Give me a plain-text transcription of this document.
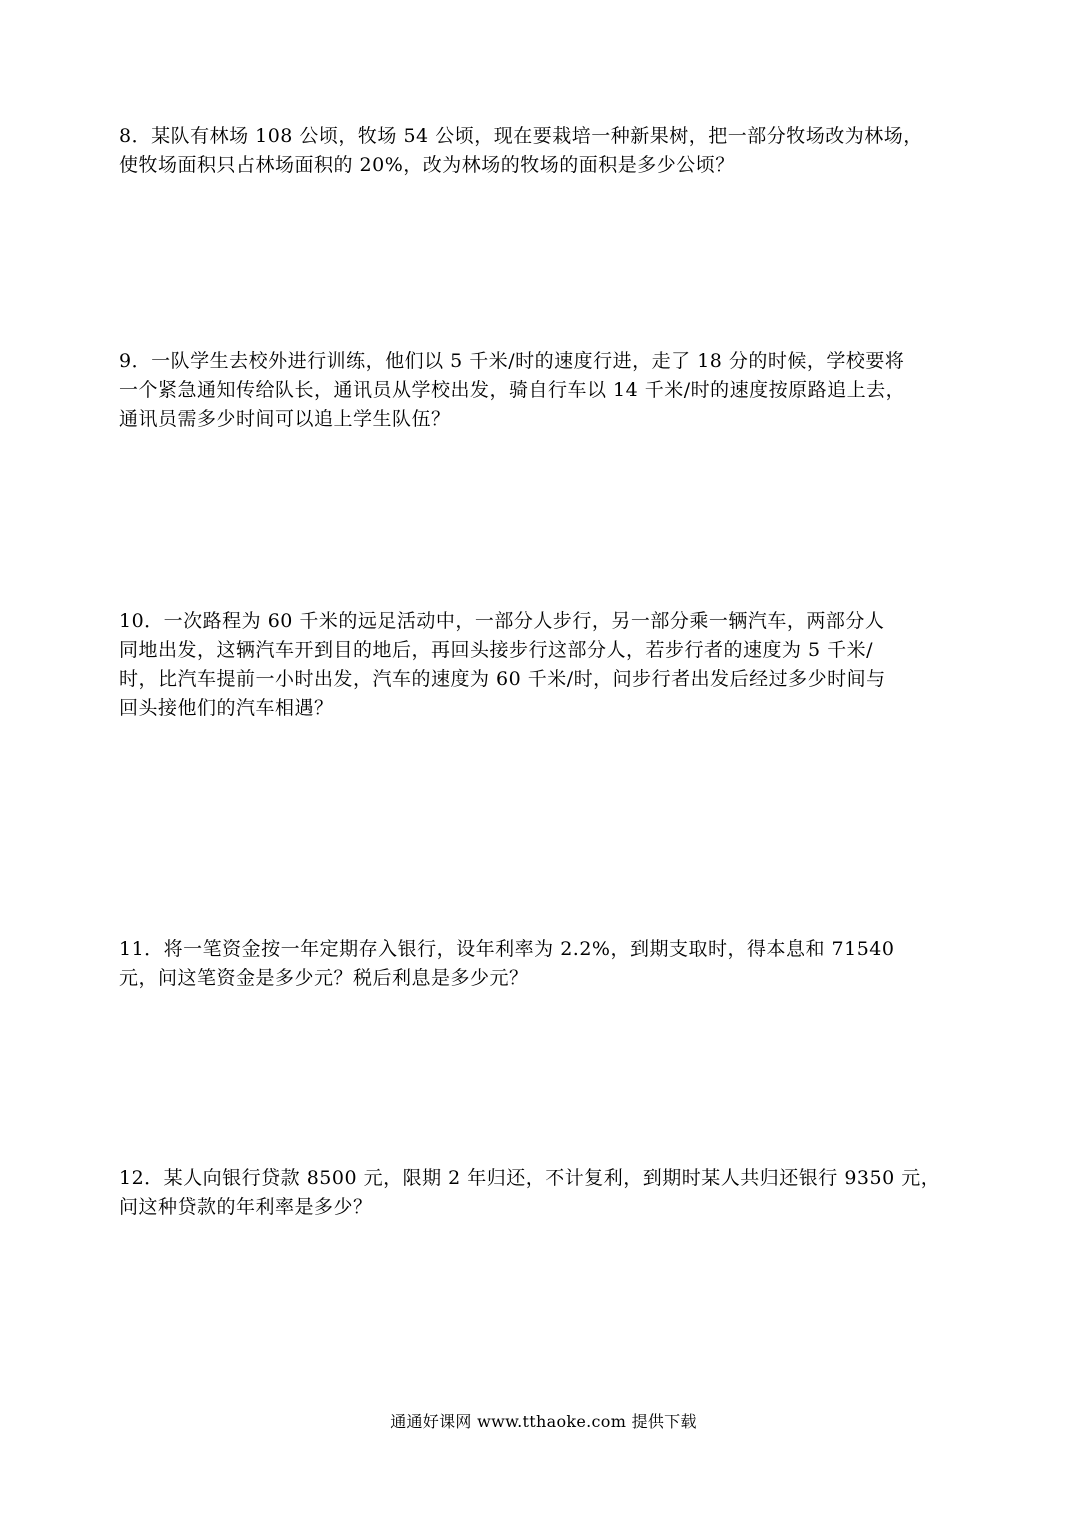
8．某队有林场 108 公顷，牧场 54 公顷，现在要栽培一种新果树，把一部分牧场改为林场，
使牧场面积只占林场面积的 20%，改为林场的牧场的面积是多少公顷？
9．一队学生去校外进行训练，他们以 5 千米/时的速度行进，走了 18 分的时候，学校要将
一个紧急通知传给队长，通讯员从学校出发，骑自行车以 14 千米/时的速度按原路追上去，
通讯员需多少时间可以追上学生队伍？
10．一次路程为 60 千米的远足活动中，一部分人步行，另一部分乘一辆汽车，两部分人
同地出发，这辆汽车开到目的地后，再回头接步行这部分人，若步行者的速度为 5 千米/
时，比汽车提前一小时出发，汽车的速度为 60 千米/时，问步行者出发后经过多少时间与
回头接他们的汽车相遇？
11．将一笔资金按一年定期存入银行，设年利率为 2.2%，到期支取时，得本息和 71540
元，问这笔资金是多少元？税后利息是多少元？
12．某人向银行贷款 8500 元，限期 2 年归还，不计复利，到期时某人共归还银行 9350 元，
问这种贷款的年利率是多少？
通通好课网 www.tthaoke.com 提供下载
